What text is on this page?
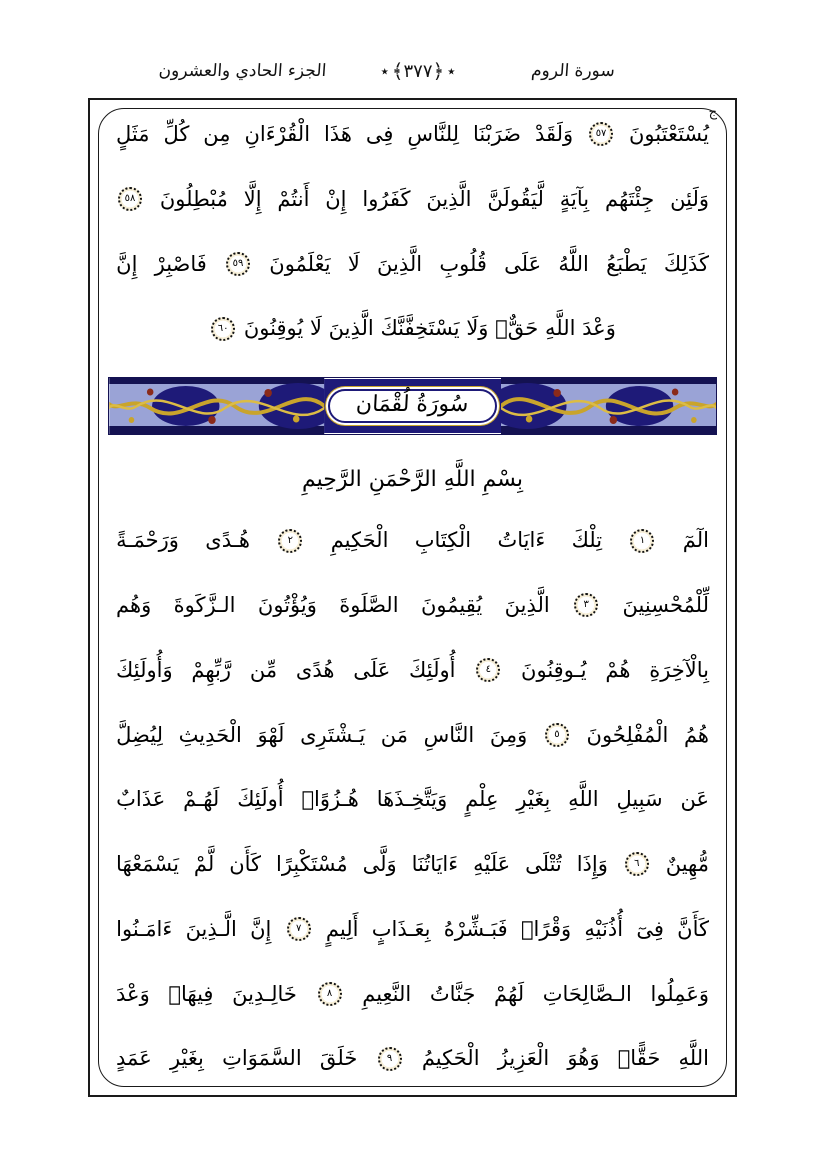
الجزء الحادي والعشرون	٭
﴿
٣٧٧
﴾
٭	سورة الروم
ج
يُسْتَعْتَبُونَ
٥٧
وَلَقَدْ
ضَرَبْنَا
لِلنَّاسِ
فِى
هَذَا
الْقُرْءَانِ
مِن
كُلِّ
مَثَلٍ
وَلَئِن
جِئْتَهُم
بِآيَةٍ
لَّيَقُولَنَّ
الَّذِينَ
كَفَرُوا
إِنْ
أَنتُمْ
إِلَّا
مُبْطِلُونَ
٥٨
كَذَلِكَ
يَطْبَعُ
اللَّهُ
عَلَى
قُلُوبِ
الَّذِينَ
لَا
يَعْلَمُونَ
٥٩
فَاصْبِرْ
إِنَّ
وَعْدَ
اللَّهِ
حَقٌّۖ
وَلَا
يَسْتَخِفَّنَّكَ
الَّذِينَ
لَا
يُوقِنُونَ
٦٠
سُورَةُ لُقْمَان
بِسْمِ اللَّهِ الرَّحْمَنِ الرَّحِيمِ
الٓمٓ
١
تِلْكَ
ءَايَاتُ
الْكِتَابِ
الْحَكِيمِ
٢
هُـدًى
وَرَحْمَـةً
لِّلْمُحْسِنِينَ
٣
الَّذِينَ
يُقِيمُونَ
الصَّلَوةَ
وَيُؤْتُونَ
الـزَّكَوةَ
وَهُم
بِالْآخِرَةِ
هُمْ
يُـوقِنُونَ
٤
أُولَئِكَ
عَلَى
هُدًى
مِّن
رَّبِّهِمْ
وَأُولَئِكَ
هُمُ
الْمُفْلِحُونَ
٥
وَمِنَ
النَّاسِ
مَن
يَـشْتَرِى
لَهْوَ
الْحَدِيثِ
لِيُضِلَّ
عَن
سَبِيلِ
اللَّهِ
بِغَيْرِ
عِلْمٍ
وَيَتَّخِـذَهَا
هُـزُوًاۚ
أُولَئِكَ
لَهُـمْ
عَذَابٌ
مُّهِينٌ
٦
وَإِذَا
تُتْلَى
عَلَيْهِ
ءَايَاتُنَا
وَلَّى
مُسْتَكْبِرًا
كَأَن
لَّمْ
يَسْمَعْهَا
كَأَنَّ
فِىٓ
أُذُنَيْهِ
وَقْرًاۖ
فَبَـشِّرْهُ
بِعَـذَابٍ
أَلِيمٍ
٧
إِنَّ
الَّـذِينَ
ءَامَـنُوا
وَعَمِلُوا
الـصَّالِحَاتِ
لَهُمْ
جَنَّاتُ
النَّعِيمِ
٨
خَالِـدِينَ
فِيهَاۖ
وَعْدَ
اللَّهِ
حَقًّاۚ
وَهُوَ
الْعَزِيزُ
الْحَكِيمُ
٩
خَلَقَ
السَّمَوَاتِ
بِغَيْرِ
عَمَدٍ
